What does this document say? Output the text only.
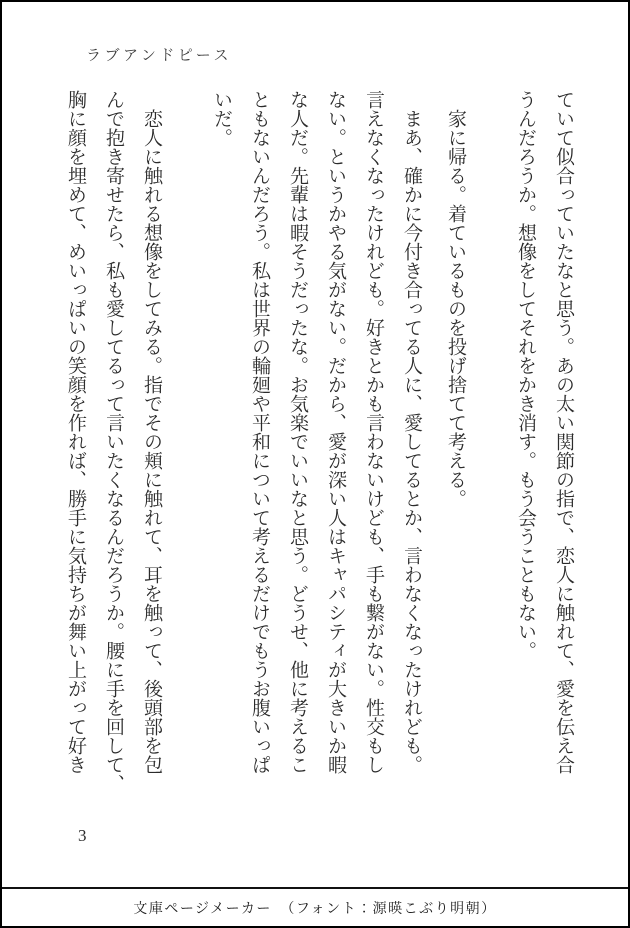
ラブアンドピース

ていて似合っていたなと思う。あの太い関節の指で、恋人に触れて、愛を伝え合
うんだろうか。想像をしてそれをかき消す。もう会うこともない。

　家に帰る。着ているものを投げ捨てて考える。

　まあ、確かに今付き合ってる人に、愛してるとか、言わなくなったけれども。
言えなくなったけれども。好きとかも言わないけども、手も繋がない。性交もし
ない。というかやる気がない。だから、愛が深い人はキャパシティが大きいか暇
な人だ。先輩は暇そうだったな。お気楽でいいなと思う。どうせ、他に考えるこ
ともないんだろう。私は世界の輪廻や平和について考えるだけでもうお腹いっぱ
いだ。

　恋人に触れる想像をしてみる。指でその頬に触れて、耳を触って、後頭部を包
んで抱き寄せたら、私も愛してるって言いたくなるんだろうか。腰に手を回して、
胸に顔を埋めて、めいっぱいの笑顔を作れば、勝手に気持ちが舞い上がって好き

3
文庫ページメーカー　（フォント：源暎こぶり明朝）
